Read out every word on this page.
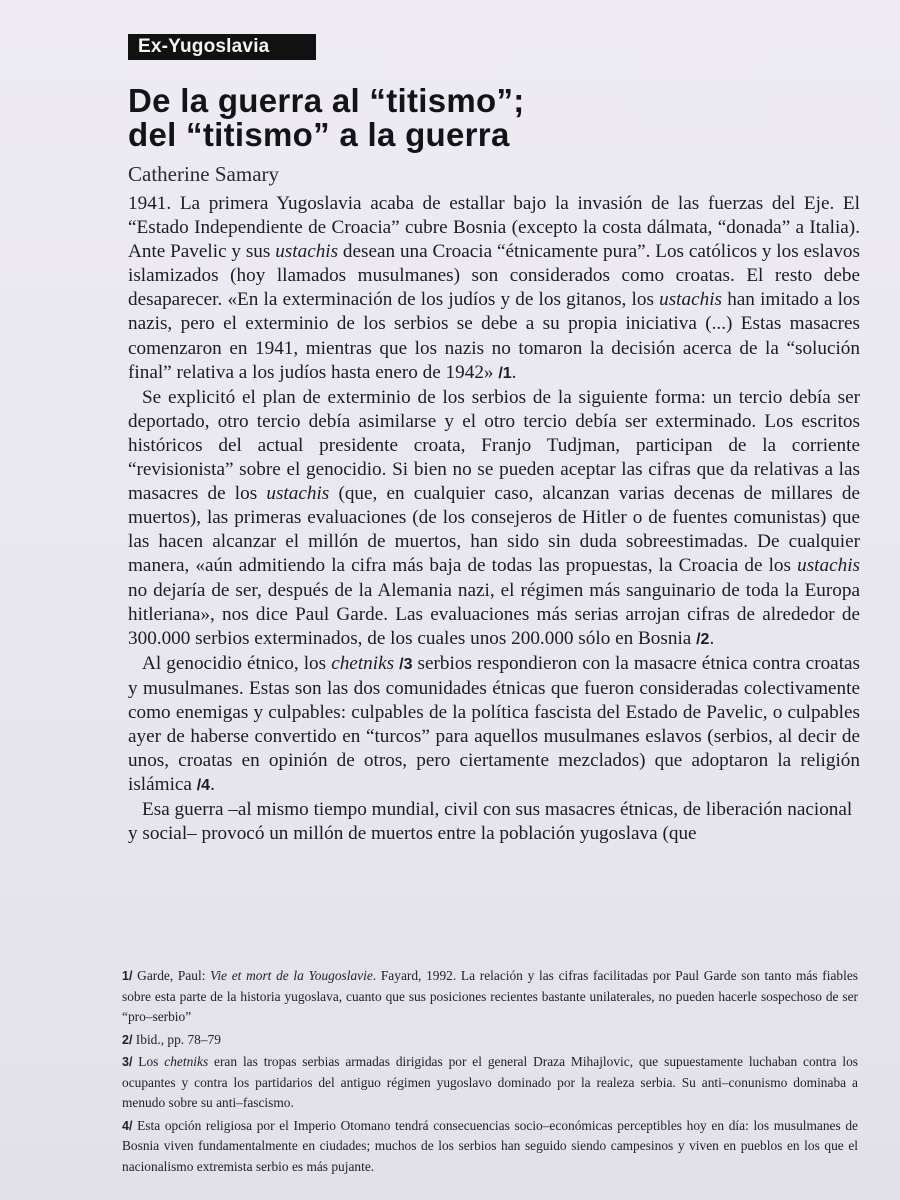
Ex-Yugoslavia
De la guerra al “titismo”;
del “titismo” a la guerra
Catherine Samary

1941. La primera Yugoslavia acaba de estallar bajo la invasión de las fuerzas del Eje. El “Estado Independiente de Croacia” cubre Bosnia (excepto la costa dálmata, “donada” a Italia). Ante Pavelic y sus ustachis desean una Croacia “étnicamente pura”. Los católicos y los eslavos islamizados (hoy llamados musulmanes) son considerados como croatas. El resto debe desaparecer. «En la exterminación de los judíos y de los gitanos, los ustachis han imitado a los nazis, pero el exterminio de los serbios se debe a su propia iniciativa (...) Estas masacres comenzaron en 1941, mientras que los nazis no tomaron la decisión acerca de la “solución final” relativa a los judíos hasta enero de 1942» /1.

Se explicitó el plan de exterminio de los serbios de la siguiente forma: un tercio debía ser deportado, otro tercio debía asimilarse y el otro tercio debía ser exterminado. Los escritos históricos del actual presidente croata, Franjo Tudjman, participan de la corriente “revisionista” sobre el genocidio. Si bien no se pueden aceptar las cifras que da relativas a las masacres de los ustachis (que, en cualquier caso, alcanzan varias decenas de millares de muertos), las primeras evaluaciones (de los consejeros de Hitler o de fuentes comunistas) que las hacen alcanzar el millón de muertos, han sido sin duda sobreestimadas. De cualquier manera, «aún admitiendo la cifra más baja de todas las propuestas, la Croacia de los ustachis no dejaría de ser, después de la Alemania nazi, el régimen más sanguinario de toda la Europa hitleriana», nos dice Paul Garde. Las evaluaciones más serias arrojan cifras de alrededor de 300.000 serbios exterminados, de los cuales unos 200.000 sólo en Bosnia /2.

Al genocidio étnico, los chetniks /3 serbios respondieron con la masacre étnica contra croatas y musulmanes. Estas son las dos comunidades étnicas que fueron consideradas colectivamente como enemigas y culpables: culpables de la política fascista del Estado de Pavelic, o culpables ayer de haberse convertido en “turcos” para aquellos musulmanes eslavos (serbios, al decir de unos, croatas en opinión de otros, pero ciertamente mezclados) que adoptaron la religión islámica /4.

Esa guerra –al mismo tiempo mundial, civil con sus masacres étnicas, de liberación nacional y social– provocó un millón de muertos entre la población yugoslava (que

1/ Garde, Paul: Vie et mort de la Yougoslavie. Fayard, 1992. La relación y las cifras facilitadas por Paul Garde son tanto más fiables sobre esta parte de la historia yugoslava, cuanto que sus posiciones recientes bastante unilaterales, no pueden hacerle sospechoso de ser “pro–serbio”

2/ Ibid., pp. 78–79

3/ Los chetniks eran las tropas serbias armadas dirigidas por el general Draza Mihajlovic, que supuestamente luchaban contra los ocupantes y contra los partidarios del antiguo régimen yugoslavo dominado por la realeza serbia. Su anti–conunismo dominaba a menudo sobre su anti–fascismo.

4/ Esta opción religiosa por el Imperio Otomano tendrá consecuencias socio–económicas perceptibles hoy en día: los musulmanes de Bosnia viven fundamentalmente en ciudades; muchos de los serbios han seguido siendo campesinos y viven en pueblos en los que el nacionalismo extremista serbio es más pujante.
